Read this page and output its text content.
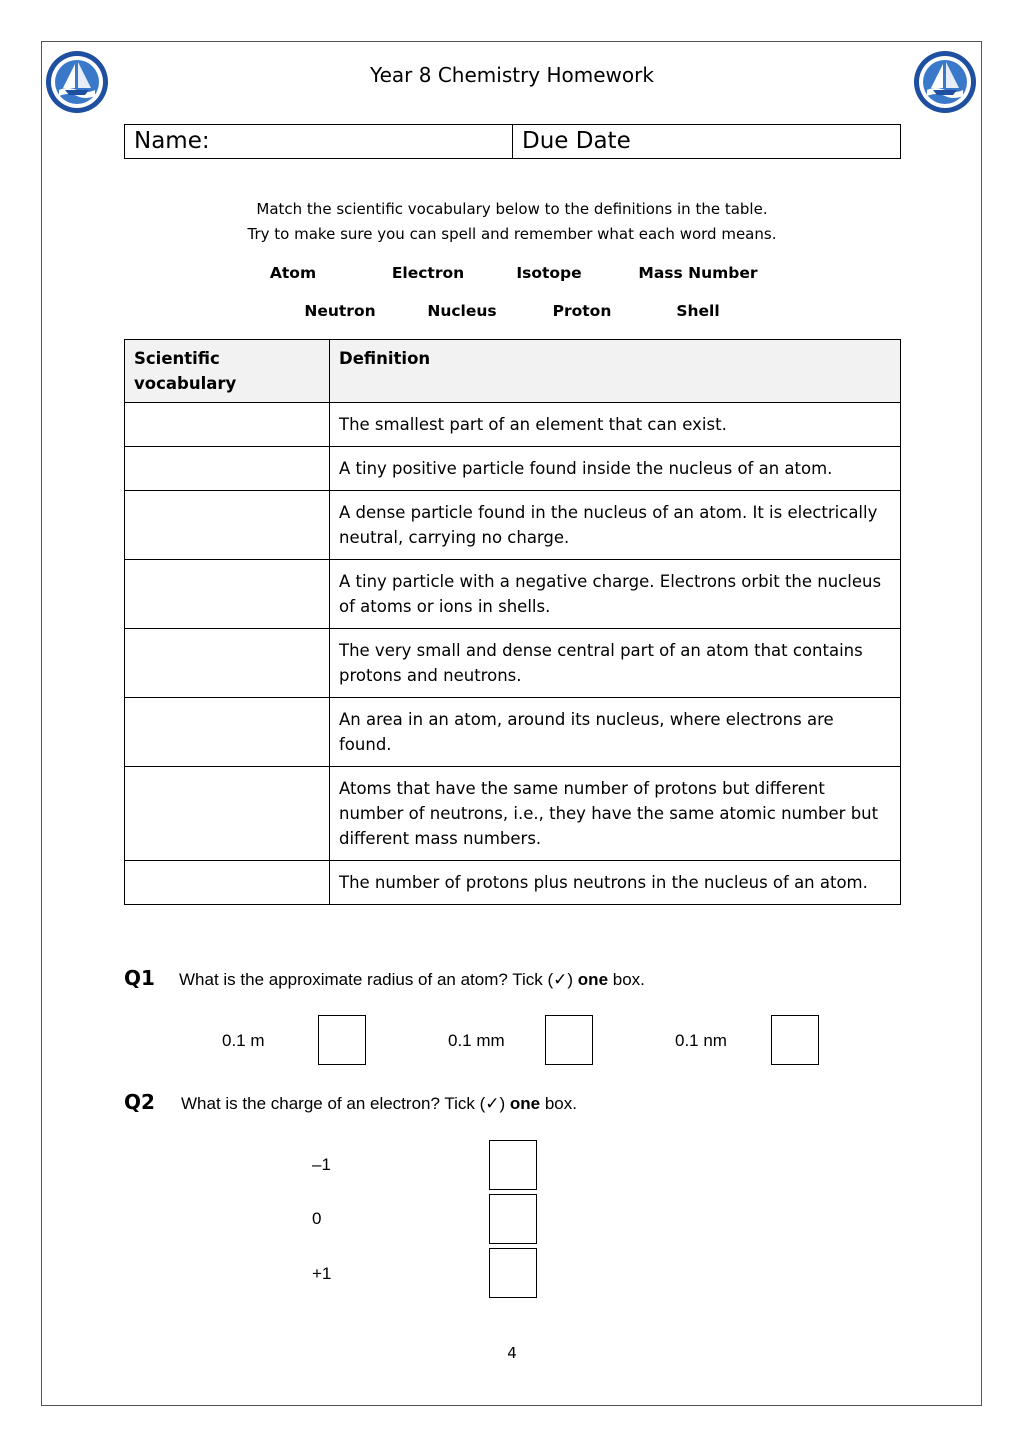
Year 8 Chemistry Homework
Name:	Due Date
Match the scientific vocabulary below to the definitions in the table.
Try to make sure you can spell and remember what each word means.
Atom	Electron	Isotope	Mass Number
Neutron	Nucleus	Proton	Shell
Scientific vocabulary	Definition
	The smallest part of an element that can exist.
	A tiny positive particle found inside the nucleus of an atom.
	A dense particle found in the nucleus of an atom. It is electrically neutral, carrying no charge.
	A tiny particle with a negative charge. Electrons orbit the nucleus of atoms or ions in shells.
	The very small and dense central part of an atom that contains protons and neutrons.
	An area in an atom, around its nucleus, where electrons are found.
	Atoms that have the same number of protons but different number of neutrons, i.e., they have the same atomic number but different mass numbers.
	The number of protons plus neutrons in the nucleus of an atom.
Q1 What is the approximate radius of an atom? Tick (✓) one box.
0.1 m	0.1 mm	0.1 nm
Q2 What is the charge of an electron? Tick (✓) one box.
–1
0
+1
4
